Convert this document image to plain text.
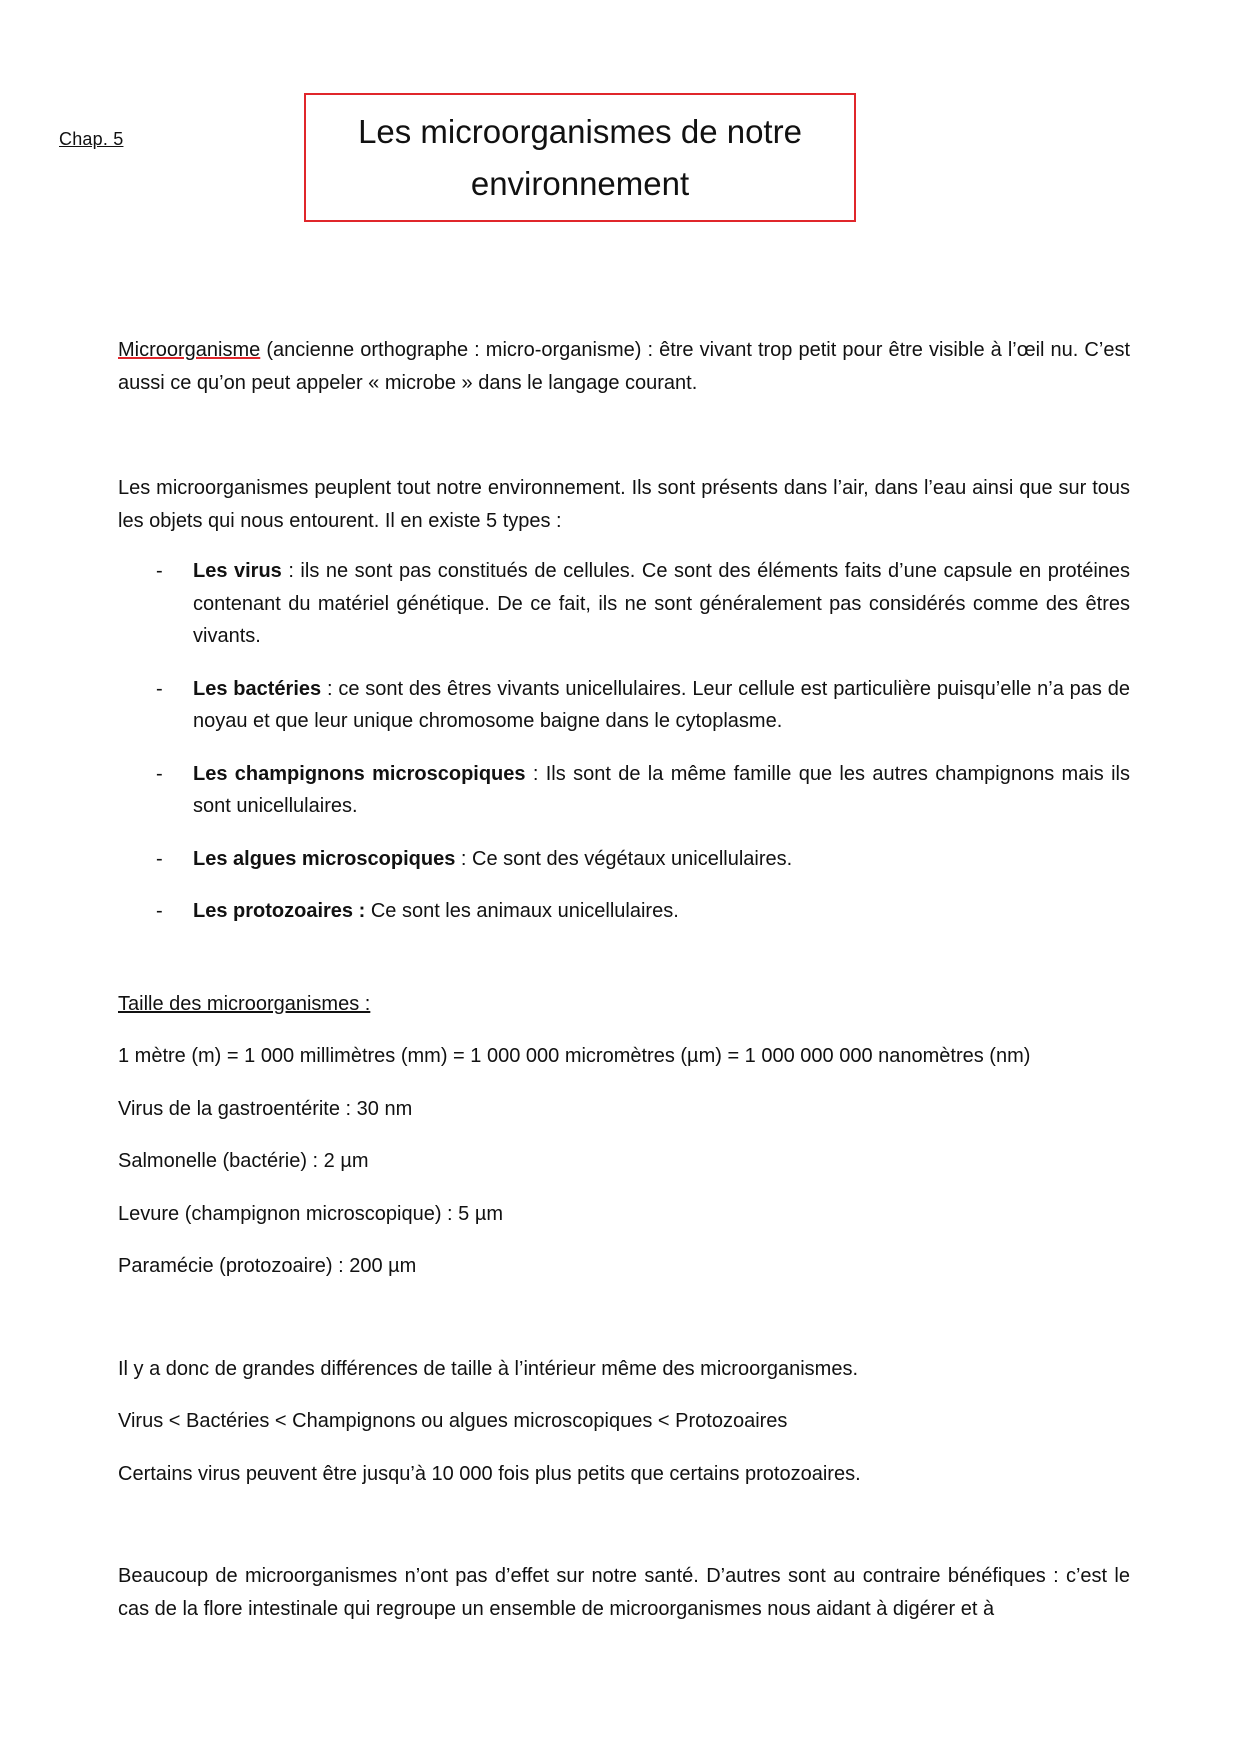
Chap. 5	Les microorganismes de notre
environnement

Microorganisme (ancienne orthographe : micro-organisme) : être vivant trop petit pour être visible à l’œil nu. C’est aussi ce qu’on peut appeler « microbe » dans le langage courant.

Les microorganismes peuplent tout notre environnement. Ils sont présents dans l’air, dans l’eau ainsi que sur tous les objets qui nous entourent. Il en existe 5 types :

- Les virus : ils ne sont pas constitués de cellules. Ce sont des éléments faits d’une capsule en protéines contenant du matériel génétique. De ce fait, ils ne sont généralement pas considérés comme des êtres vivants.
- Les bactéries : ce sont des êtres vivants unicellulaires. Leur cellule est particulière puisqu’elle n’a pas de noyau et que leur unique chromosome baigne dans le cytoplasme.
- Les champignons microscopiques : Ils sont de la même famille que les autres champignons mais ils sont unicellulaires.
- Les algues microscopiques : Ce sont des végétaux unicellulaires.
- Les protozoaires : Ce sont les animaux unicellulaires.

Taille des microorganismes :

1 mètre (m) = 1 000 millimètres (mm) = 1 000 000 micromètres (µm) = 1 000 000 000 nanomètres (nm)

Virus de la gastroentérite : 30 nm

Salmonelle (bactérie) : 2 µm

Levure (champignon microscopique) : 5 µm

Paramécie (protozoaire) : 200 µm

Il y a donc de grandes différences de taille à l’intérieur même des microorganismes.

Virus < Bactéries < Champignons ou algues microscopiques < Protozoaires

Certains virus peuvent être jusqu’à 10 000 fois plus petits que certains protozoaires.

Beaucoup de microorganismes n’ont pas d’effet sur notre santé. D’autres sont au contraire bénéfiques : c’est le cas de la flore intestinale qui regroupe un ensemble de microorganismes nous aidant à digérer et à
